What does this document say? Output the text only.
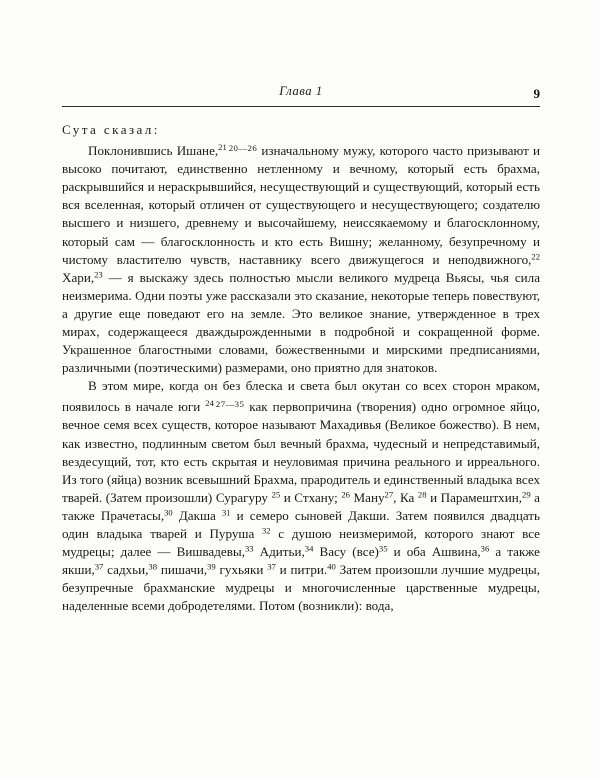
Глава 1	9

Сута сказал:

Поклонившись Ишане,$^{21}$ $^{20—26}$ изначальному мужу, которого часто призывают и высоко почитают, единственно нетленному и вечному, который есть брахма, раскрывшийся и нераскрывшийся, несуществующий и существующий, который есть вся вселенная, который отличен от существующего и несуществующего; создателю высшего и низшего, древнему и высочайшему, неиссякаемому и благосклонному, который сам — благосклонность и кто есть Вишну; желанному, безупречному и чистому властителю чувств, наставнику всего движущегося и неподвижного,$^{22}$ Хари,$^{23}$ — я выскажу здесь полностью мысли великого мудреца Вьясы, чья сила неизмерима. Одни поэты уже рассказали это сказание, некоторые теперь повествуют, а другие еще поведают его на земле. Это великое знание, утвержденное в трех мирах, содержащееся дваждырожденными в подробной и сокращенной форме. Украшенное благостными словами, божественными и мирскими предписаниями, различными (поэтическими) размерами, оно приятно для знатоков.

В этом мире, когда он без блеска и света был окутан со всех сторон мраком, появилось в начале юги $^{24}$ $^{27—35}$ как первопричина (творения) одно огромное яйцо, вечное семя всех существ, которое называют Махадивья (Великое божество). В нем, как известно, подлинным светом был вечный брахма, чудесный и непредставимый, вездесущий, тот, кто есть скрытая и неуловимая причина реального и ирреального. Из того (яйца) возник всевышний Брахма, прародитель и единственный владыка всех тварей. (Затем произошли) Сурагуру $^{25}$ и Стхану; $^{26}$ Ману$^{27}$, Ка $^{28}$ и Парамештхин,$^{29}$ а также Прачетасы,$^{30}$ Дакша $^{31}$ и семеро сыновей Дакши. Затем появился двадцать один владыка тварей и Пуруша $^{32}$ с душою неизмеримой, которого знают все мудрецы; далее — Вишвадевы,$^{33}$ Адитьи,$^{34}$ Васу (все)$^{35}$ и оба Ашвина,$^{36}$ а также якши,$^{37}$ садхьи,$^{38}$ пишачи,$^{39}$ гухьяки $^{37}$ и питри.$^{40}$ Затем произошли лучшие мудрецы, безупречные брахманские мудрецы и многочисленные царственные мудрецы, наделенные всеми добродетелями. Потом (возникли): вода,
